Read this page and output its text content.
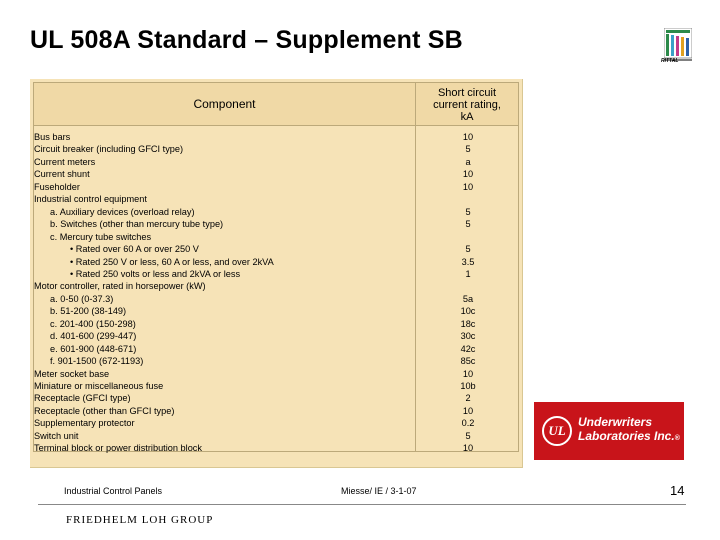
UL 508A Standard – Supplement SB
RITTAL
Component
Short circuit
current rating,
kA
Bus bars	10
Circuit breaker (including GFCI type)	5
Current meters	a
Current shunt	10
Fuseholder	10
Industrial control equipment
a. Auxiliary devices (overload relay)	5
b. Switches (other than mercury tube type)	5
c. Mercury tube switches
• Rated over 60 A or over 250 V	5
• Rated 250 V or less, 60 A or less, and over 2kVA	3.5
• Rated 250 volts or less and 2kVA or less	1
Motor controller, rated in horsepower (kW)
a. 0-50 (0-37.3)	5a
b. 51-200 (38-149)	10c
c. 201-400 (150-298)	18c
d. 401-600 (299-447)	30c
e. 601-900 (448-671)	42c
f. 901-1500 (672-1193)	85c
Meter socket base	10
Miniature or miscellaneous fuse	10b
Receptacle (GFCI type)	2
Receptacle (other than GFCI type)	10
Supplementary protector	0.2
Switch unit	5
Terminal block or power distribution block	10
UL
Underwriters
Laboratories Inc.®
Industrial Control Panels	Miesse/ IE / 3-1-07	14
FRIEDHELM LOH GROUP
